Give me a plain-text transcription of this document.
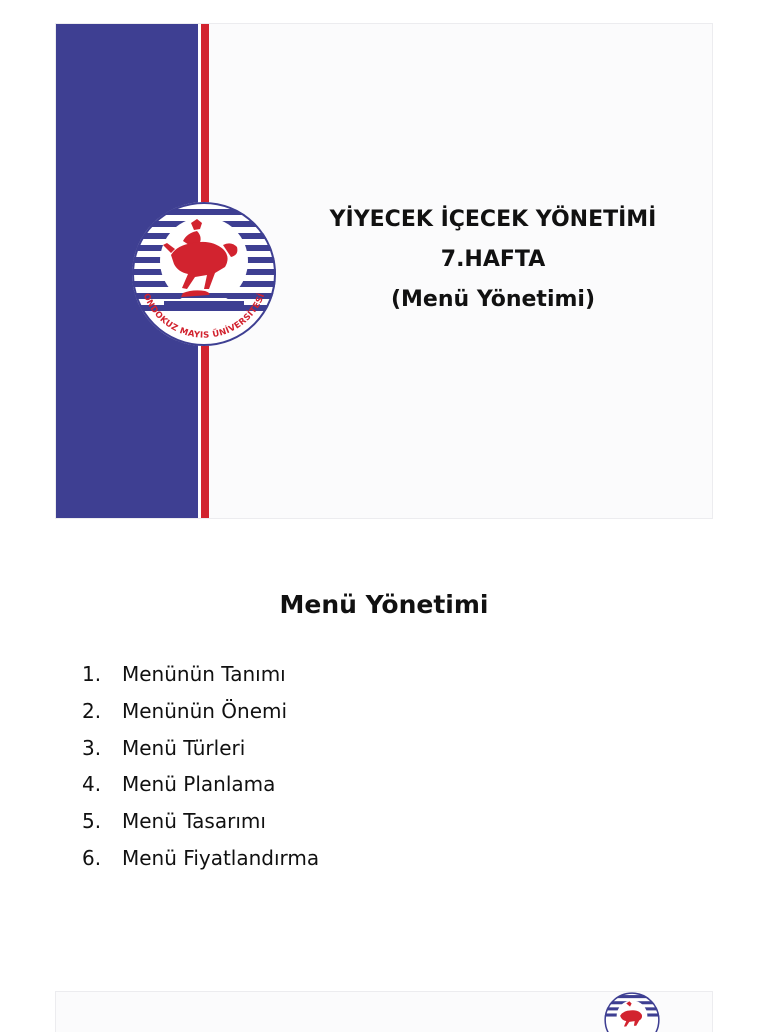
ONDOKUZ MAYIS ÜNİVERSİTESİ
YİYECEK İÇECEK YÖNETİMİ
7.HAFTA
(Menü Yönetimi)
Menü Yönetimi
1.	Menünün Tanımı
2.	Menünün Önemi
3.	Menü Türleri
4.	Menü Planlama
5.	Menü Tasarımı
6.	Menü Fiyatlandırma
